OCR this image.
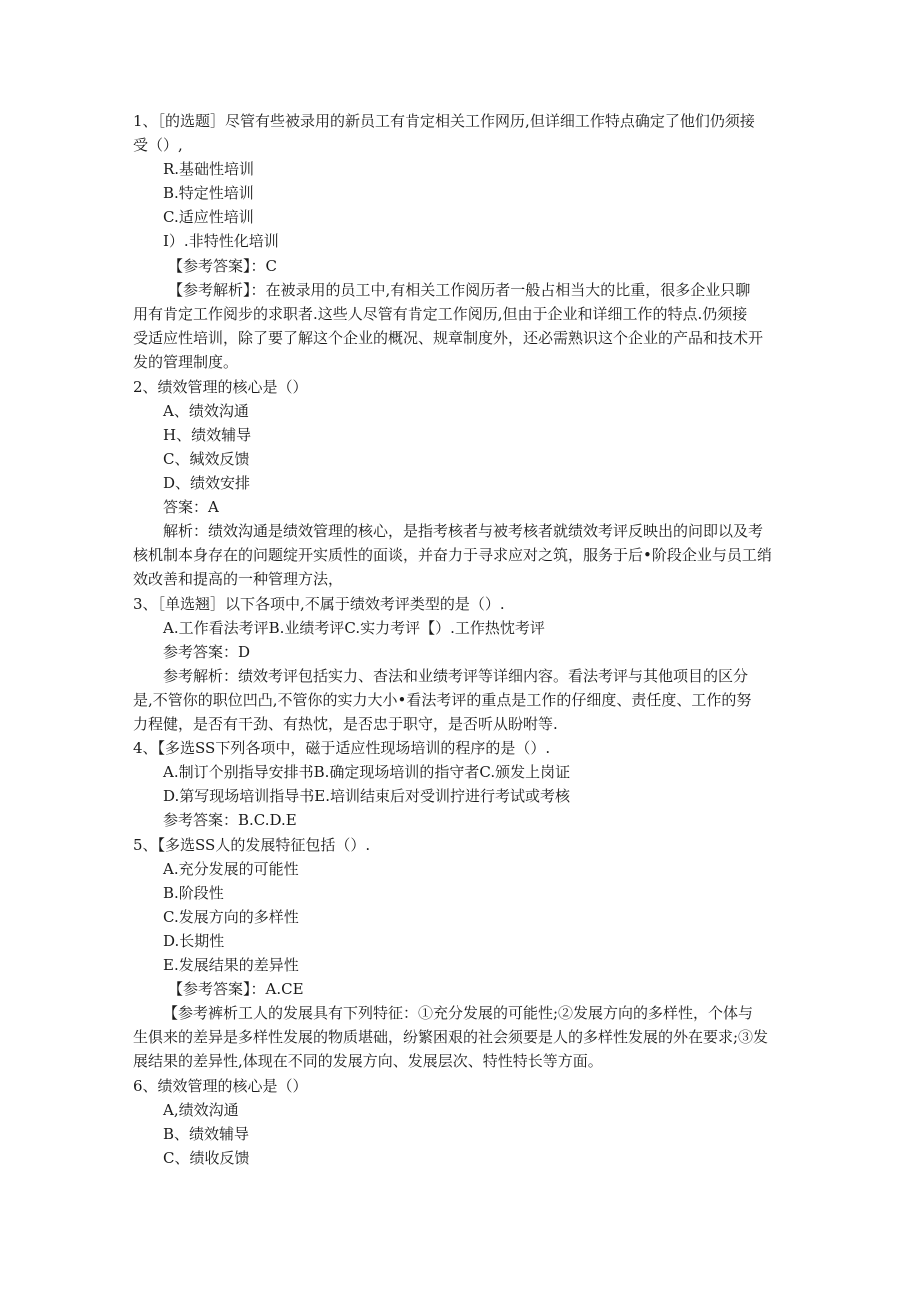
1、［的选题］尽管有些被录用的新员工有肯定相关工作网历,但详细工作特点确定了他们仍须接
受（）,
R.基础性培训
B.特定性培训
C.适应性培训
I）.非特性化培训
【参考答案】：C
【参考解析】：在被录用的员工中,有相关工作阅历者一般占相当大的比重，很多企业只聊
用有肯定工作阅步的求职者.这些人尽管有肯定工作阅历,但由于企业和详细工作的特点.仍须接
受适应性培训，除了要了解这个企业的概况、规章制度外，还必需熟识这个企业的产品和技术开
发的管理制度。
2、绩效管理的核心是（）
A、绩效沟通
H、绩效辅导
C、缄效反馈
D、绩效安排
答案：A
解析：绩效沟通是绩效管理的核心，是指考核者与被考核者就绩效考评反映出的问即以及考
核机制本身存在的问题绽开实质性的面谈，并奋力于寻求应对之筑，服务于后•阶段企业与员工绡
效改善和提高的一种管理方法，
3、［单选翘］以下各项中,不属于绩效考评类型的是（）.
A.工作看法考评B.业绩考评C.实力考评【）.工作热忱考评
参考答案：D
参考解析：绩效考评包括实力、杳法和业绩考评等详细内容。看法考评与其他项目的区分
是,不管你的职位凹凸,不管你的实力大小•看法考评的重点是工作的仔细度、责任度、工作的努
力程健，是否有干劲、有热忱，是否忠于职守，是否听从盼咐等.
4、【多选SS下列各项中，磁于适应性现场培训的程序的是（）.
A.制订个别指导安排书B.确定现场培训的指守者C.颁发上岗证
D.第写现场培训指导书E.培训结束后对受训拧进行考试或考核
参考答案：B.C.D.E
5、【多选SS人的发展特征包括（）.
A.充分发展的可能性
B.阶段性
C.发展方向的多样性
D.长期性
E.发展结果的差异性
【参考答案】：A.CE
【参考裤析工人的发展具有下列特征：①充分发展的可能性;②发展方向的多样性，个体与
生俱来的差异是多样性发展的物质堪础，纷繁困艰的社会须要是人的多样性发展的外在要求;③发
展结果的差异性,体现在不同的发展方向、发展层次、特性特长等方面。
6、绩效管理的核心是（）
A,绩效沟通
B、绩效辅导
C、绩收反馈
